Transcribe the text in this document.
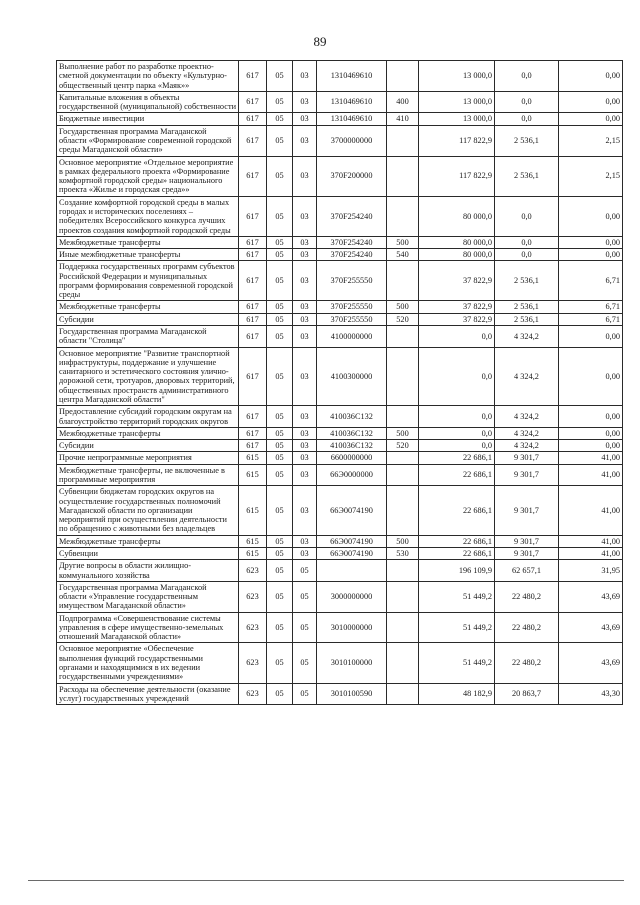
89
Выполнение работ по разработке проектно-сметной документации по объекту «Культурно-общественный центр парка «Маяк»»	617	05	03	1310469610		13 000,0	0,0	0,00
Капитальные вложения в объекты государственной (муниципальной) собственности	617	05	03	1310469610	400	13 000,0	0,0	0,00
Бюджетные инвестиции	617	05	03	1310469610	410	13 000,0	0,0	0,00
Государственная программа Магаданской области «Формирование современной городской среды Магаданской области»	617	05	03	3700000000		117 822,9	2 536,1	2,15
Основное мероприятие «Отдельное мероприятие в рамках федерального проекта «Формирование комфортной городской среды» национального проекта «Жилье и городская среда»»	617	05	03	370F200000		117 822,9	2 536,1	2,15
Создание комфортной городской среды в малых городах и исторических поселениях – победителях Всероссийского конкурса лучших проектов создания комфортной городской среды	617	05	03	370F254240		80 000,0	0,0	0,00
Межбюджетные трансферты	617	05	03	370F254240	500	80 000,0	0,0	0,00
Иные межбюджетные трансферты	617	05	03	370F254240	540	80 000,0	0,0	0,00
Поддержка государственных программ субъектов Российской Федерации и муниципальных программ формирования современной городской среды	617	05	03	370F255550		37 822,9	2 536,1	6,71
Межбюджетные трансферты	617	05	03	370F255550	500	37 822,9	2 536,1	6,71
Субсидии	617	05	03	370F255550	520	37 822,9	2 536,1	6,71
Государственная программа Магаданской области "Столица"	617	05	03	4100000000		0,0	4 324,2	0,00
Основное мероприятие "Развитие транспортной инфраструктуры, поддержание и улучшение санитарного и эстетического состояния улично-дорожной сети, тротуаров, дворовых территорий, общественных пространств административного центра Магаданской области"	617	05	03	4100300000		0,0	4 324,2	0,00
Предоставление субсидий городским округам на благоустройство территорий городских округов	617	05	03	410036С132		0,0	4 324,2	0,00
Межбюджетные трансферты	617	05	03	410036С132	500	0,0	4 324,2	0,00
Субсидии	617	05	03	410036С132	520	0,0	4 324,2	0,00
Прочие непрограммные мероприятия	615	05	03	6600000000		22 686,1	9 301,7	41,00
Межбюджетные трансферты, не включенные в программные мероприятия	615	05	03	66Э0000000		22 686,1	9 301,7	41,00
Субвенции бюджетам городских округов на осуществление государственных полномочий Магаданской области по организации мероприятий при осуществлении деятельности по обращению с животными без владельцев	615	05	03	66Э0074190		22 686,1	9 301,7	41,00
Межбюджетные трансферты	615	05	03	66Э0074190	500	22 686,1	9 301,7	41,00
Субвенции	615	05	03	66Э0074190	530	22 686,1	9 301,7	41,00
Другие вопросы в области жилищно-коммунального хозяйства	623	05	05			196 109,9	62 657,1	31,95
Государственная программа Магаданской области «Управление государственным имуществом Магаданской области»	623	05	05	3000000000		51 449,2	22 480,2	43,69
Подпрограмма «Совершенствование системы управления в сфере имущественно-земельных отношений Магаданской области»	623	05	05	3010000000		51 449,2	22 480,2	43,69
Основное мероприятие «Обеспечение выполнения функций государственными органами и находящимися в их ведении государственными учреждениями»	623	05	05	3010100000		51 449,2	22 480,2	43,69
Расходы на обеспечение деятельности (оказание услуг) государственных учреждений	623	05	05	3010100590		48 182,9	20 863,7	43,30
